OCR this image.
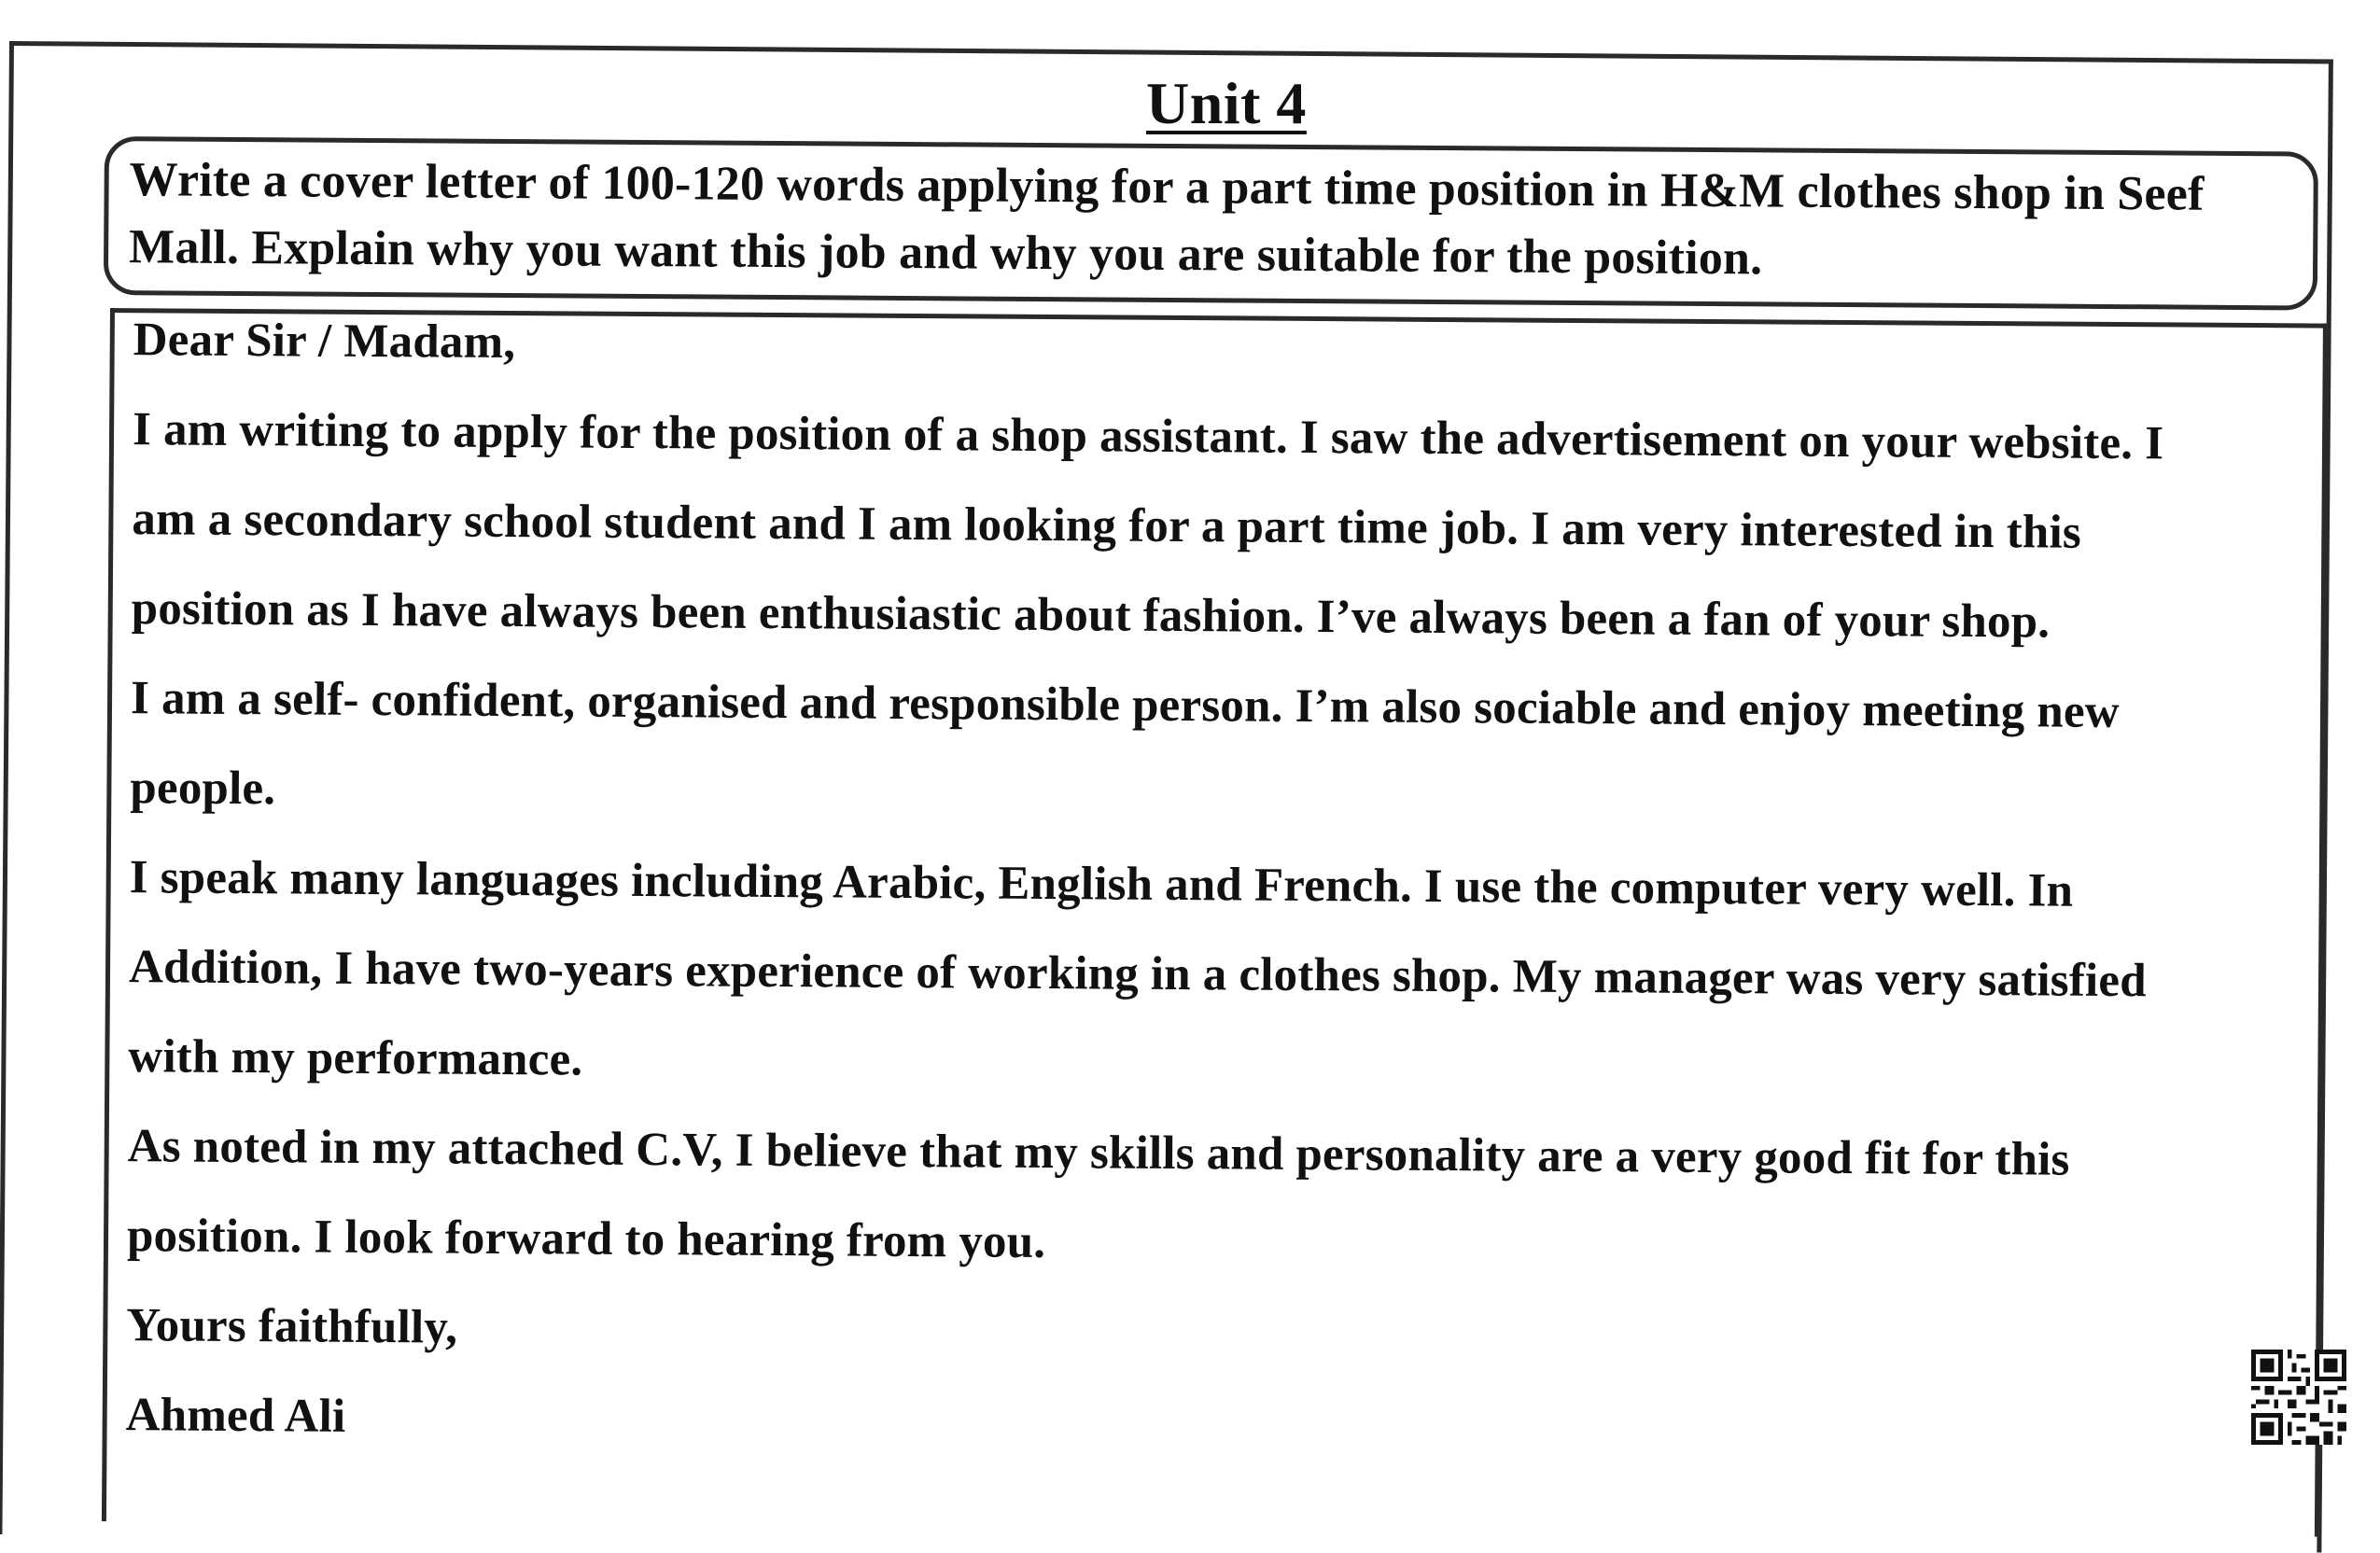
Unit 4

Write a cover letter of 100-120 words applying for a part time position in H&M clothes shop in Seef

Mall. Explain why you want this job and why you are suitable for the position.

Dear Sir / Madam,
I am writing to apply for the position of a shop assistant. I saw the advertisement on your website. I
am a secondary school student and I am looking for a part time job. I am very interested in this
position as I have always been enthusiastic about fashion. I’ve always been a fan of your shop.
I am a self- confident, organised and responsible person. I’m also sociable and enjoy meeting new
people.
I speak many languages including Arabic, English and French. I use the computer very well. In
Addition, I have two-years experience of working in a clothes shop. My manager was very satisfied
with my performance.
As noted in my attached C.V, I believe that my skills and personality are a very good fit for this
position. I look forward to hearing from you.
Yours faithfully,
Ahmed Ali
